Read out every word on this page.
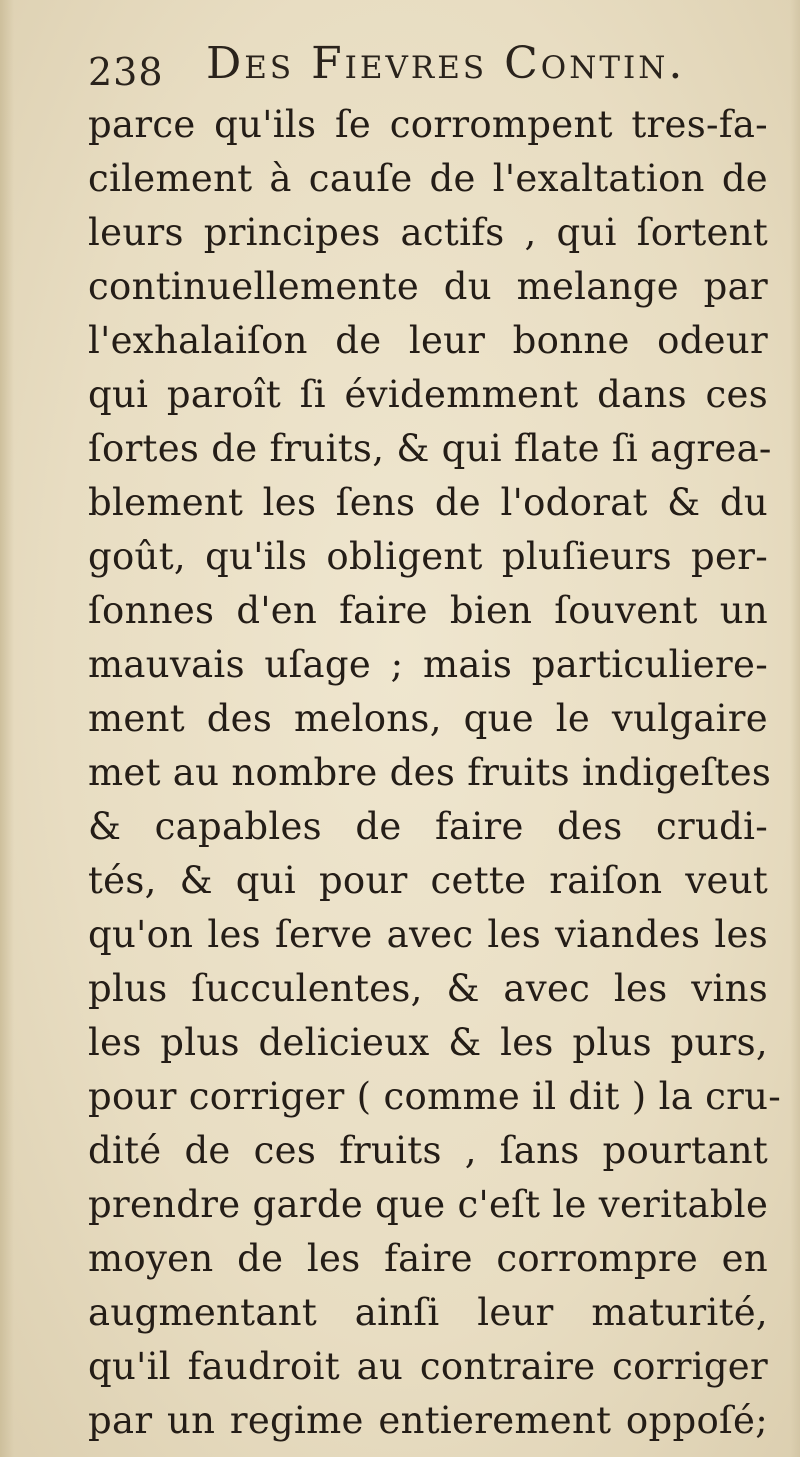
238 Des Fievres Contin.
parce qu'ils ſe corrompent tres-fa-
cilement à cauſe de l'exaltation de
leurs principes actifs , qui ſortent
continuellemente du melange par
l'exhalaiſon de leur bonne odeur
qui paroît ſi évidemment dans ces
ſortes de fruits, & qui flate ſi agrea-
blement les ſens de l'odorat & du
goût, qu'ils obligent pluſieurs per-
ſonnes d'en faire bien ſouvent un
mauvais uſage ; mais particuliere-
ment des melons, que le vulgaire
met au nombre des fruits indigeſtes
& capables de faire des crudi-
tés, & qui pour cette raiſon veut
qu'on les ſerve avec les viandes les
plus ſucculentes, & avec les vins
les plus delicieux & les plus purs,
pour corriger ( comme il dit ) la cru-
dité de ces fruits , ſans pourtant
prendre garde que c'eſt le veritable
moyen de les faire corrompre en
augmentant ainſi leur maturité,
qu'il faudroit au contraire corriger
par un regime entierement oppoſé;
